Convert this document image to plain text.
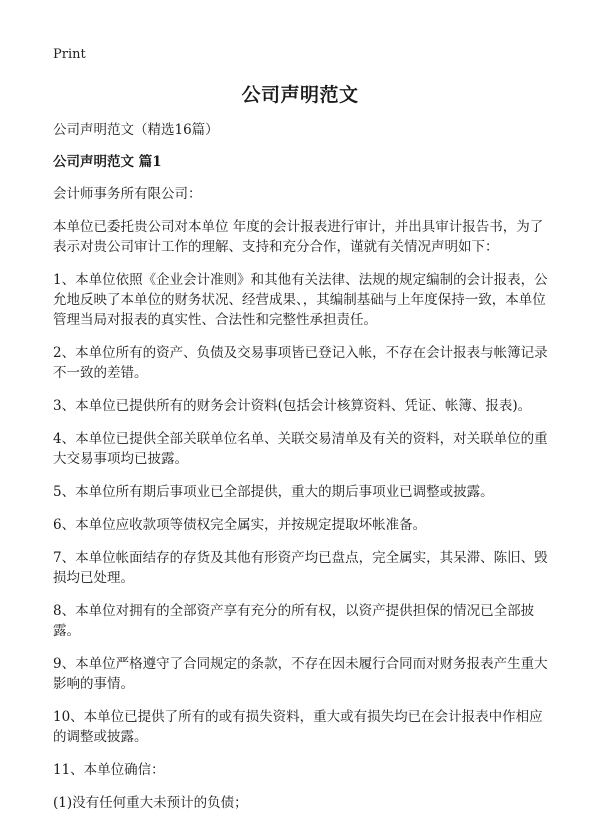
Print
公司声明范文

公司声明范文（精选16篇）

公司声明范文 篇1

会计师事务所有限公司：

本单位已委托贵公司对本单位 年度的会计报表进行审计，并出具审计报告书，为了表示对贵公司审计工作的理解、支持和充分合作，谨就有关情况声明如下：

1、本单位依照《企业会计准则》和其他有关法律、法规的规定编制的会计报表，公允地反映了本单位的财务状况、经营成果、，其编制基础与上年度保持一致，本单位管理当局对报表的真实性、合法性和完整性承担责任。

2、本单位所有的资产、负债及交易事项皆已登记入帐，不存在会计报表与帐簿记录不一致的差错。

3、本单位已提供所有的财务会计资料(包括会计核算资料、凭证、帐簿、报表)。

4、本单位已提供全部关联单位名单、关联交易清单及有关的资料，对关联单位的重大交易事项均已披露。

5、本单位所有期后事项业已全部提供，重大的期后事项业已调整或披露。

6、本单位应收款项等债权完全属实，并按规定提取坏帐准备。

7、本单位帐面结存的存货及其他有形资产均已盘点，完全属实，其呆滞、陈旧、毁损均已处理。

8、本单位对拥有的全部资产享有充分的所有权，以资产提供担保的情况已全部披露。

9、本单位严格遵守了合同规定的条款，不存在因未履行合同而对财务报表产生重大影响的事情。

10、本单位已提供了所有的或有损失资料，重大或有损失均已在会计报表中作相应的调整或披露。

11、本单位确信：

(1)没有任何重大未预计的负债；
